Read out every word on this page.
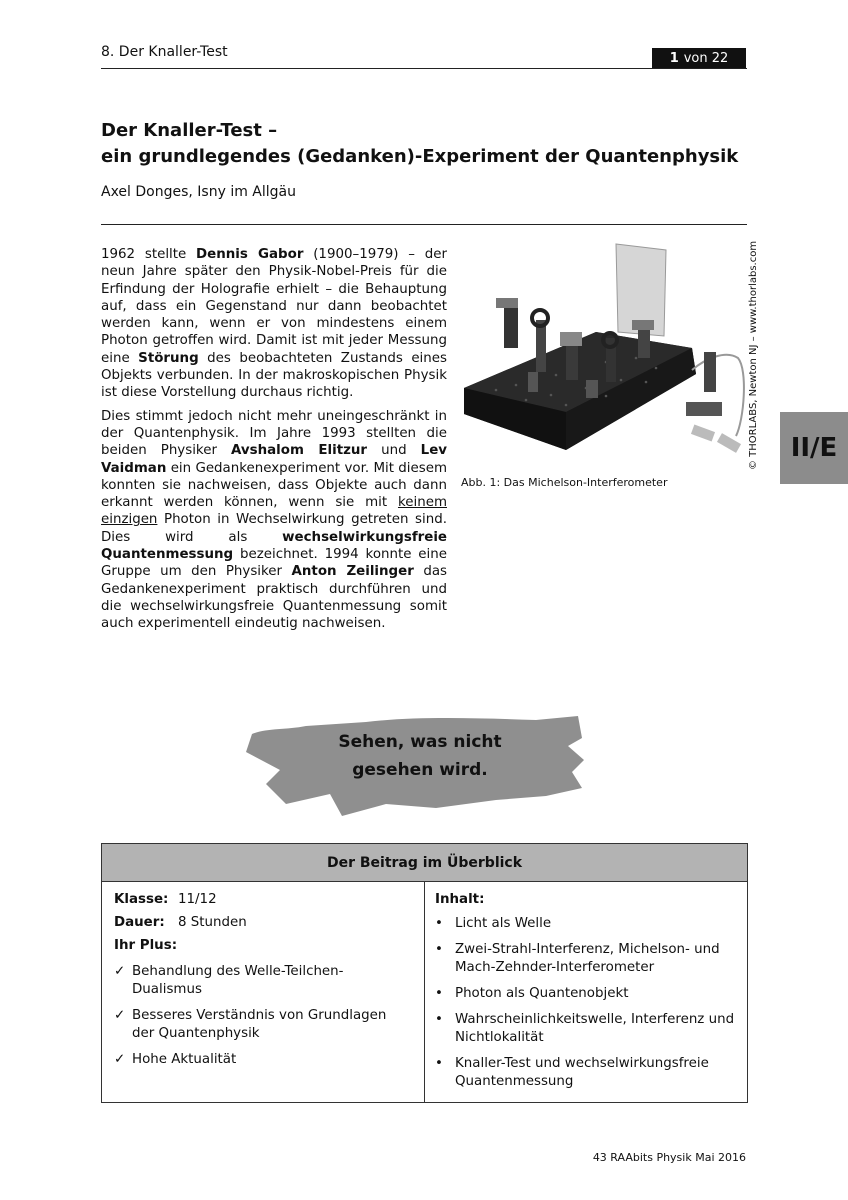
8. Der Knaller-Test	1 von 22
Der Knaller-Test –
ein grundlegendes (Gedanken)-Experiment der Quantenphysik
Axel Donges, Isny im Allgäu

1962 stellte Dennis Gabor (1900–1979) – der neun Jahre später den Physik-Nobel-Preis für die Erfindung der Holografie erhielt – die Behauptung auf, dass ein Gegenstand nur dann beobachtet werden kann, wenn er von mindestens einem Photon getroffen wird. Damit ist mit jeder Messung eine Störung des beobachteten Zustands eines Objekts verbunden. In der makroskopischen Physik ist diese Vorstellung durchaus richtig.

Dies stimmt jedoch nicht mehr uneingeschränkt in der Quantenphysik. Im Jahre 1993 stellten die beiden Physiker Avshalom Elitzur und Lev Vaidman ein Gedankenexperiment vor. Mit diesem konnten sie nachweisen, dass Objekte auch dann erkannt werden können, wenn sie mit keinem einzigen Photon in Wechselwirkung getreten sind. Dies wird als wechselwirkungsfreie Quantenmessung bezeichnet. 1994 konnte eine Gruppe um den Physiker Anton Zeilinger das Gedankenexperiment praktisch durchführen und die wechselwirkungsfreie Quantenmessung somit auch experimentell eindeutig nachweisen.

Abb. 1: Das Michelson-Interferometer
© THORLABS, Newton NJ – www.thorlabs.com	II/E
Sehen, was nicht
gesehen wird.
Der Beitrag im Überblick
Klasse: 11/12
Dauer: 8 Stunden
Ihr Plus:
✓ Behandlung des Welle-Teilchen-Dualismus
✓ Besseres Verständnis von Grundlagen der Quantenphysik
✓ Hohe Aktualität
Inhalt:
• Licht als Welle
• Zwei-Strahl-Interferenz, Michelson- und Mach-Zehnder-Interferometer
• Photon als Quantenobjekt
• Wahrscheinlichkeitswelle, Interferenz und Nichtlokalität
• Knaller-Test und wechselwirkungsfreie Quantenmessung
43 RAAbits Physik Mai 2016
